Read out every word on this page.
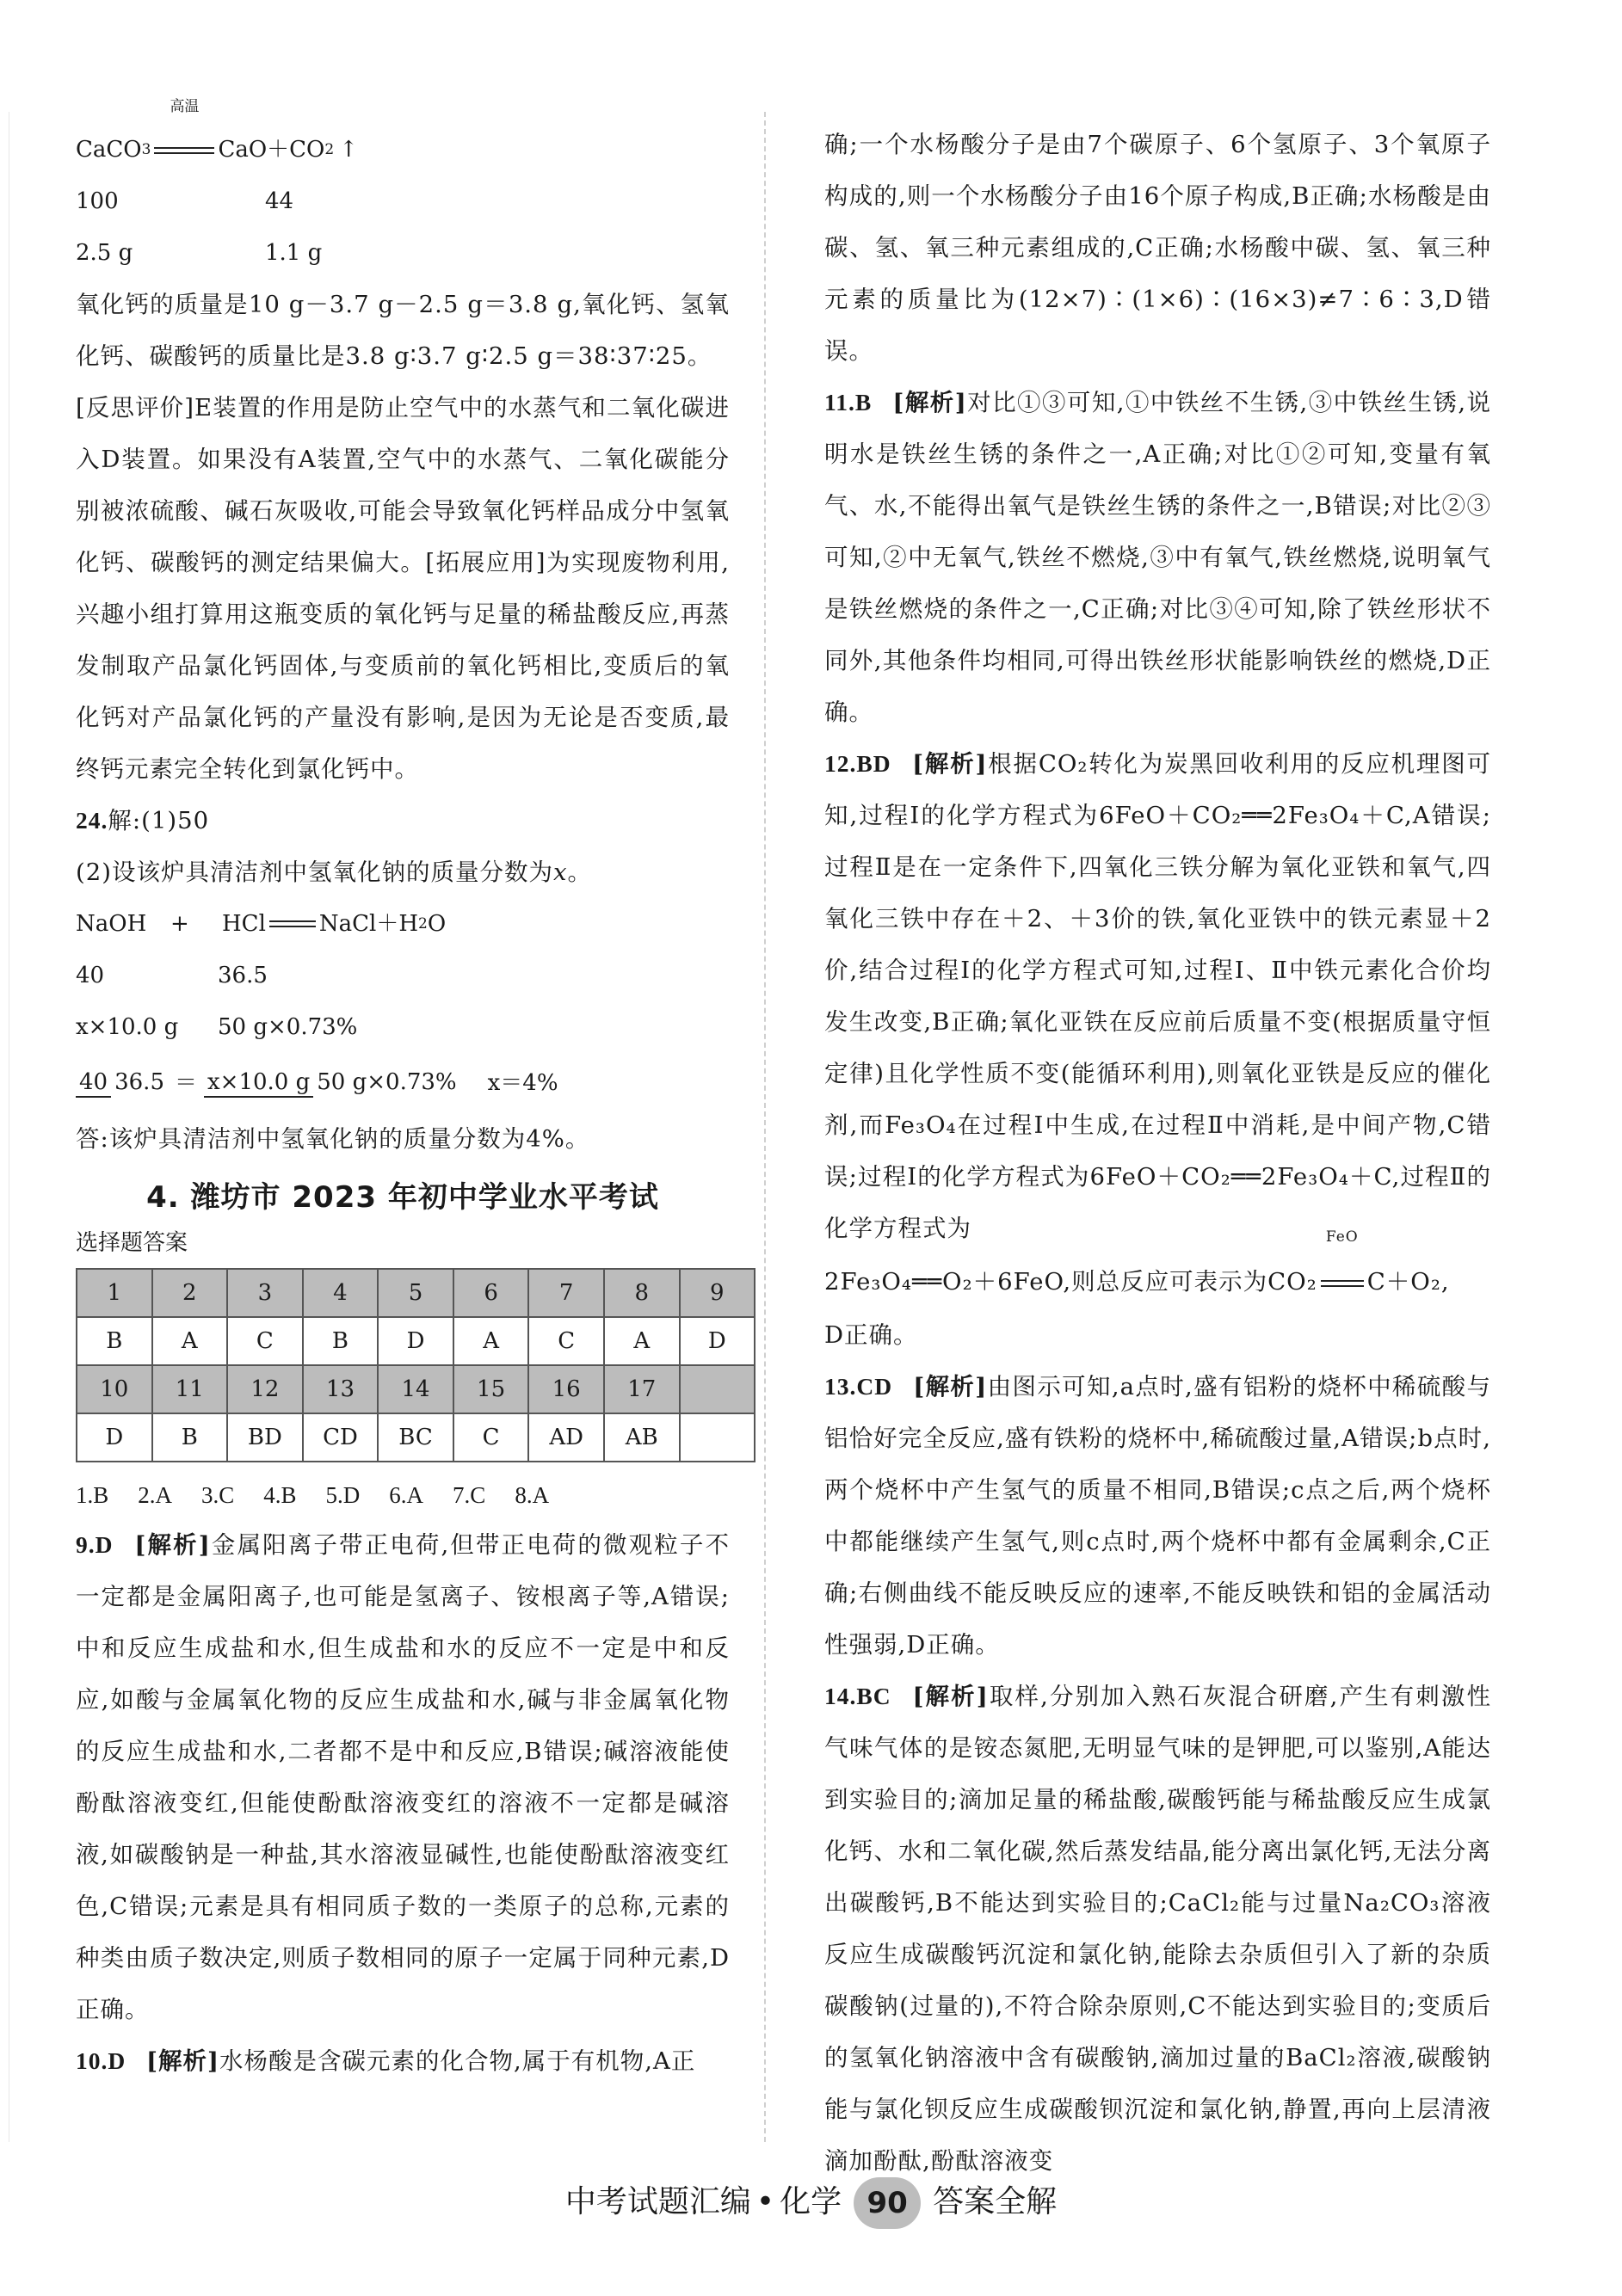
CaCO 3
高温
CaO＋CO 2 ↑
100	44
2.5 g	1.1 g
氧化钙的质量是10 g－3.7 g－2.5 g＝3.8 g,氧化钙、氢氧化钙、碳酸钙的质量比是3.8 g∶3.7 g∶2.5 g＝38∶37∶25。
[反思评价]E装置的作用是防止空气中的水蒸气和二氧化碳进入D装置。如果没有A装置,空气中的水蒸气、二氧化碳能分别被浓硫酸、碱石灰吸收,可能会导致氧化钙样品成分中氢氧化钙、碳酸钙的测定结果偏大。[拓展应用]为实现废物利用,兴趣小组打算用这瓶变质的氧化钙与足量的稀盐酸反应,再蒸发制取产品氯化钙固体,与变质前的氧化钙相比,变质后的氧化钙对产品氯化钙的产量没有影响,是因为无论是否变质,最终钙元素完全转化到氯化钙中。
24.解:(1)50
(2)设该炉具清洁剂中氢氧化钠的质量分数为x。
NaOH	+	HCl NaCl＋H 2 O
40	36.5
x×10.0 g	50 g×0.73%
40 36.5 ＝ x×10.0 g 50 g×0.73% x＝4%
答:该炉具清洁剂中氢氧化钠的质量分数为4%。
4. 潍坊市 2023 年初中学业水平考试
选择题答案
1	2	3	4	5	6	7	8	9
B	A	C	B	D	A	C	A	D
10	11	12	13	14	15	16	17	
D	B	BD	CD	BC	C	AD	AB	
1.B 2.A 3.C 4.B 5.D 6.A 7.C 8.A
9.D [解析]金属阳离子带正电荷,但带正电荷的微观粒子不一定都是金属阳离子,也可能是氢离子、铵根离子等,A错误;中和反应生成盐和水,但生成盐和水的反应不一定是中和反应,如酸与金属氧化物的反应生成盐和水,碱与非金属氧化物的反应生成盐和水,二者都不是中和反应,B错误;碱溶液能使酚酞溶液变红,但能使酚酞溶液变红的溶液不一定都是碱溶液,如碳酸钠是一种盐,其水溶液显碱性,也能使酚酞溶液变红色,C错误;元素是具有相同质子数的一类原子的总称,元素的种类由质子数决定,则质子数相同的原子一定属于同种元素,D正确。
10.D [解析]水杨酸是含碳元素的化合物,属于有机物,A正
确;一个水杨酸分子是由7个碳原子、6个氢原子、3个氧原子构成的,则一个水杨酸分子由16个原子构成,B正确;水杨酸是由碳、氢、氧三种元素组成的,C正确;水杨酸中碳、氢、氧三种元素的质量比为(12×7)∶(1×6)∶(16×3)≠7∶6∶3,D错误。
11.B [解析]对比①③可知,①中铁丝不生锈,③中铁丝生锈,说明水是铁丝生锈的条件之一,A正确;对比①②可知,变量有氧气、水,不能得出氧气是铁丝生锈的条件之一,B错误;对比②③可知,②中无氧气,铁丝不燃烧,③中有氧气,铁丝燃烧,说明氧气是铁丝燃烧的条件之一,C正确;对比③④可知,除了铁丝形状不同外,其他条件均相同,可得出铁丝形状能影响铁丝的燃烧,D正确。
12.BD [解析]根据CO₂转化为炭黑回收利用的反应机理图可知,过程Ⅰ的化学方程式为6FeO＋CO₂══2Fe₃O₄＋C,A错误;过程Ⅱ是在一定条件下,四氧化三铁分解为氧化亚铁和氧气,四氧化三铁中存在＋2、＋3价的铁,氧化亚铁中的铁元素显＋2价,结合过程Ⅰ的化学方程式可知,过程Ⅰ、Ⅱ中铁元素化合价均发生改变,B正确;氧化亚铁在反应前后质量不变(根据质量守恒定律)且化学性质不变(能循环利用),则氧化亚铁是反应的催化剂,而Fe₃O₄在过程Ⅰ中生成,在过程Ⅱ中消耗,是中间产物,C错误;过程Ⅰ的化学方程式为6FeO＋CO₂══2Fe₃O₄＋C,过程Ⅱ的化学方程式为
2Fe₃O₄══O₂＋6FeO,则总反应可表示为CO₂
FeO
C＋O₂,
D正确。
13.CD [解析]由图示可知,a点时,盛有铝粉的烧杯中稀硫酸与铝恰好完全反应,盛有铁粉的烧杯中,稀硫酸过量,A错误;b点时,两个烧杯中产生氢气的质量不相同,B错误;c点之后,两个烧杯中都能继续产生氢气,则c点时,两个烧杯中都有金属剩余,C正确;右侧曲线不能反映反应的速率,不能反映铁和铝的金属活动性强弱,D正确。
14.BC [解析]取样,分别加入熟石灰混合研磨,产生有刺激性气味气体的是铵态氮肥,无明显气味的是钾肥,可以鉴别,A能达到实验目的;滴加足量的稀盐酸,碳酸钙能与稀盐酸反应生成氯化钙、水和二氧化碳,然后蒸发结晶,能分离出氯化钙,无法分离出碳酸钙,B不能达到实验目的;CaCl₂能与过量Na₂CO₃溶液反应生成碳酸钙沉淀和氯化钠,能除去杂质但引入了新的杂质碳酸钠(过量的),不符合除杂原则,C不能达到实验目的;变质后的氢氧化钠溶液中含有碳酸钠,滴加过量的BaCl₂溶液,碳酸钠能与氯化钡反应生成碳酸钡沉淀和氯化钠,静置,再向上层清液滴加酚酞,酚酞溶液变
中考试题汇编 • 化学 90 答案全解
